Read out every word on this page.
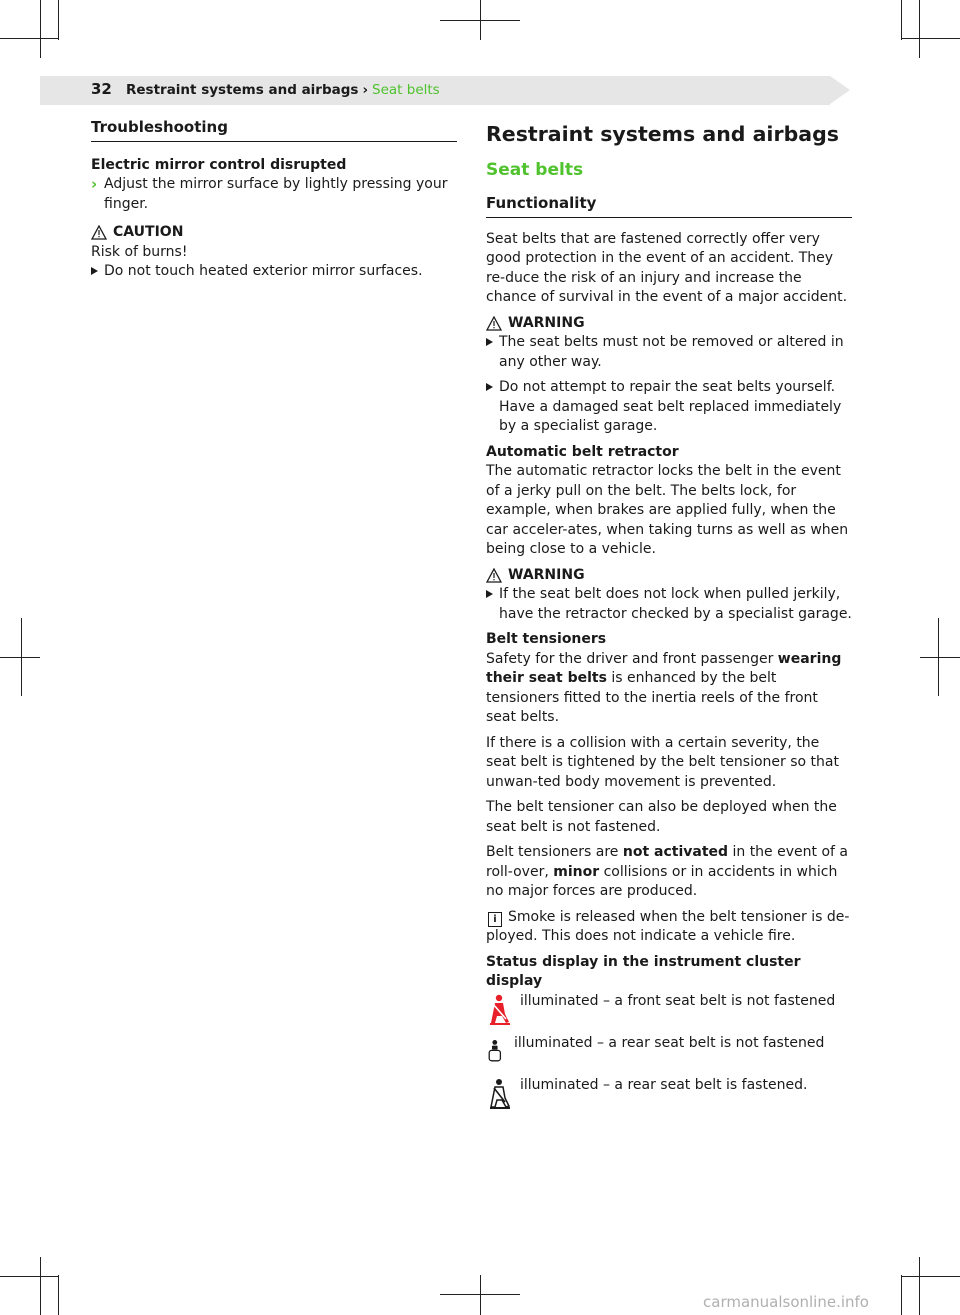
32 Restraint systems and airbags › Seat belts
Troubleshooting
Electric mirror control disrupted
› Adjust the mirror surface by lightly pressing your finger.
CAUTION
Risk of burns!
Do not touch heated exterior mirror surfaces.
Restraint systems and airbags
Seat belts
Functionality
Seat belts that are fastened correctly offer very good protection in the event of an accident. They re-duce the risk of an injury and increase the chance of survival in the event of a major accident.
WARNING
The seat belts must not be removed or altered in any other way.
Do not attempt to repair the seat belts yourself. Have a damaged seat belt replaced immediately by a specialist garage.
Automatic belt retractor
The automatic retractor locks the belt in the event of a jerky pull on the belt. The belts lock, for example, when brakes are applied fully, when the car acceler-ates, when taking turns as well as when being close to a vehicle.
WARNING
If the seat belt does not lock when pulled jerkily, have the retractor checked by a specialist garage.
Belt tensioners
Safety for the driver and front passenger wearing their seat belts is enhanced by the belt tensioners fitted to the inertia reels of the front seat belts.
If there is a collision with a certain severity, the seat belt is tightened by the belt tensioner so that unwan-ted body movement is prevented.
The belt tensioner can also be deployed when the seat belt is not fastened.
Belt tensioners are not activated in the event of a roll-over, minor collisions or in accidents in which no major forces are produced.
i Smoke is released when the belt tensioner is de-ployed. This does not indicate a vehicle fire.
Status display in the instrument cluster display
illuminated – a front seat belt is not fastened
illuminated – a rear seat belt is not fastened
illuminated – a rear seat belt is fastened.
carmanualsonline.info
